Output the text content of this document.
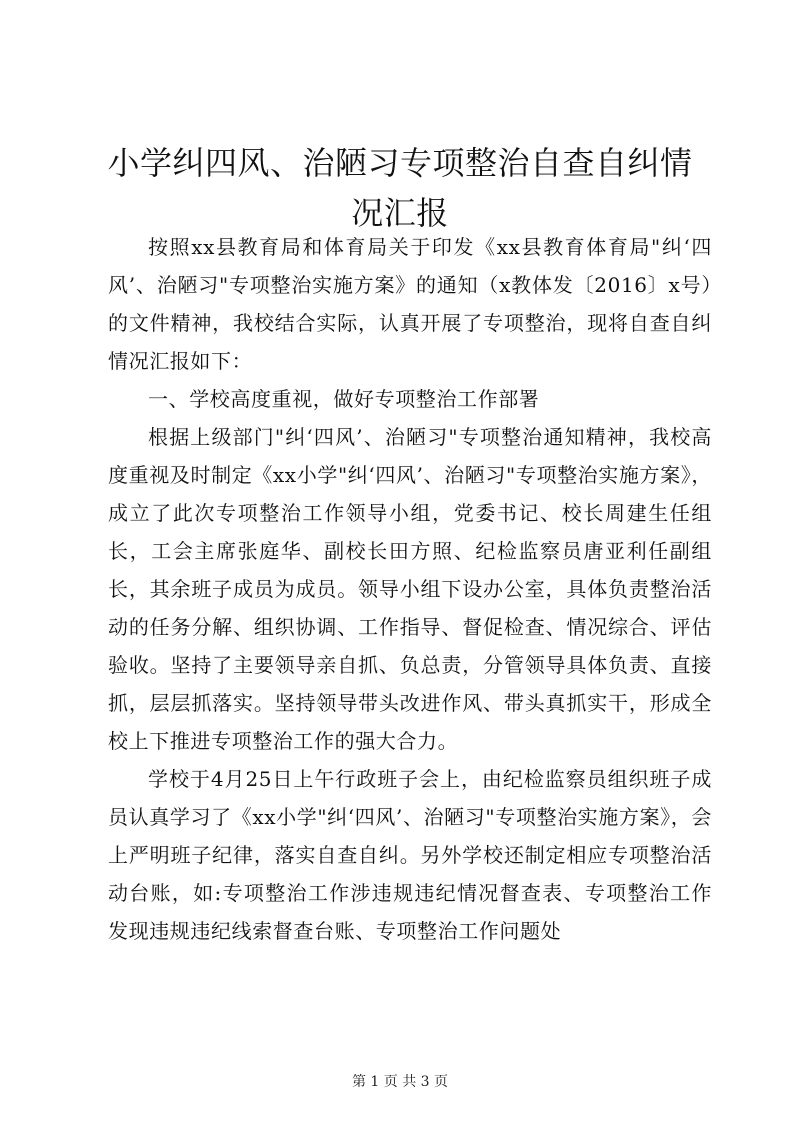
小学纠四风、治陋习专项整治自查自纠情况汇报

按照xx县教育局和体育局关于印发《xx县教育体育局"纠‘四风’、治陋习"专项整治实施方案》的通知（x教体发〔2016〕x号）的文件精神，我校结合实际，认真开展了专项整治，现将自查自纠情况汇报如下：

一、学校高度重视，做好专项整治工作部署

根据上级部门"纠‘四风’、治陋习"专项整治通知精神，我校高度重视及时制定《xx小学"纠‘四风’、治陋习"专项整治实施方案》，成立了此次专项整治工作领导小组，党委书记、校长周建生任组长，工会主席张庭华、副校长田方照、纪检监察员唐亚利任副组长，其余班子成员为成员。领导小组下设办公室，具体负责整治活动的任务分解、组织协调、工作指导、督促检查、情况综合、评估验收。坚持了主要领导亲自抓、负总责，分管领导具体负责、直接抓，层层抓落实。坚持领导带头改进作风、带头真抓实干，形成全校上下推进专项整治工作的强大合力。

学校于4月25日上午行政班子会上，由纪检监察员组织班子成员认真学习了《xx小学"纠‘四风’、治陋习"专项整治实施方案》，会上严明班子纪律，落实自查自纠。另外学校还制定相应专项整治活动台账，如:专项整治工作涉违规违纪情况督查表、专项整治工作发现违规违纪线索督查台账、专项整治工作问题处

第 1 页 共 3 页
